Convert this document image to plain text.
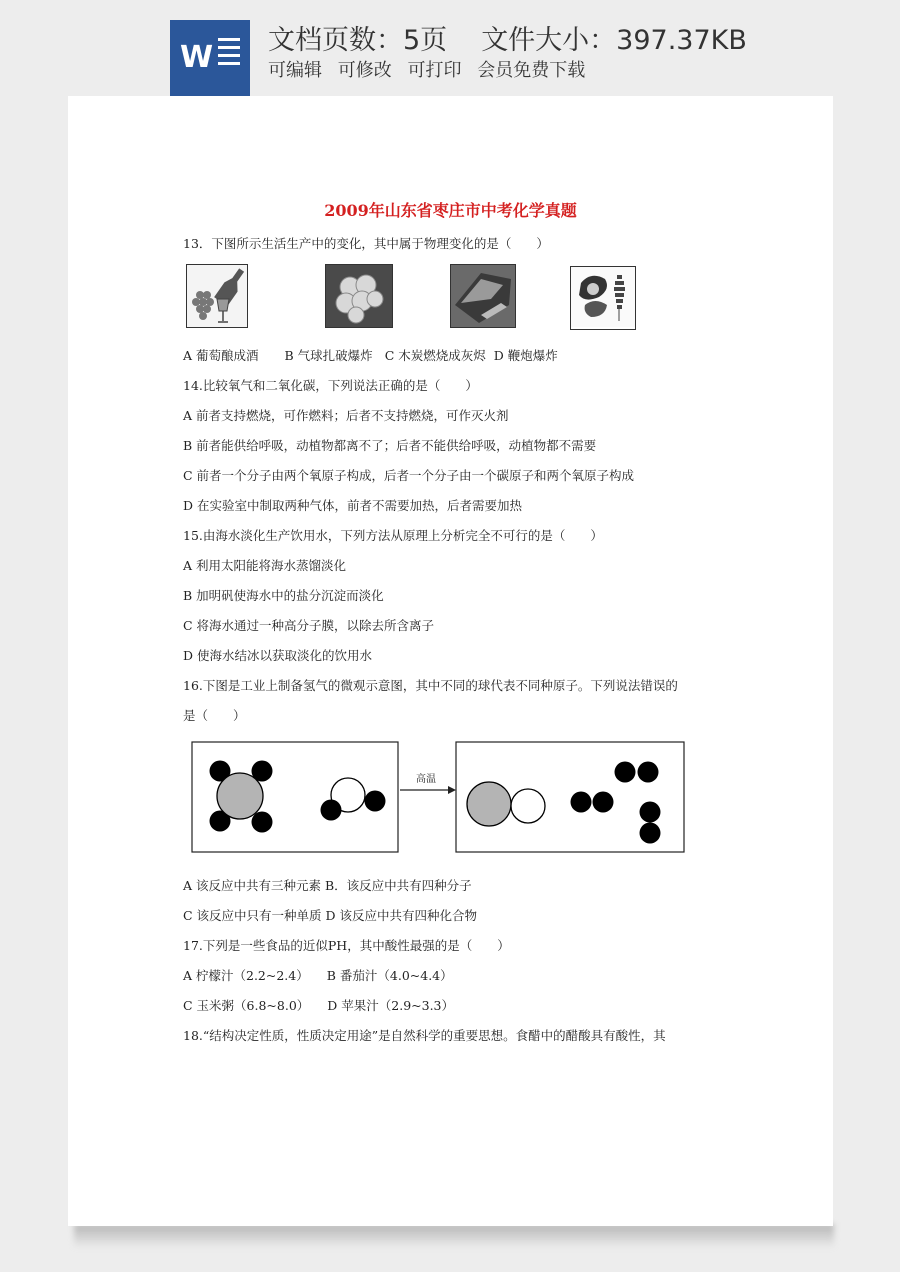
W 文档页数：5页 文件大小：397.37KB
可编辑 可修改 可打印 会员免费下载
2009年山东省枣庄市中考化学真题
13．下图所示生活生产中的变化，其中属于物理变化的是（　　）
A 葡萄酿成酒 B 气球扎破爆炸 C 木炭燃烧成灰烬 D 鞭炮爆炸
14.比较氧气和二氧化碳，下列说法正确的是（　　）
A 前者支持燃烧，可作燃料；后者不支持燃烧，可作灭火剂
B 前者能供给呼吸，动植物都离不了；后者不能供给呼吸，动植物都不需要
C 前者一个分子由两个氧原子构成，后者一个分子由一个碳原子和两个氧原子构成
D 在实验室中制取两种气体，前者不需要加热，后者需要加热
15.由海水淡化生产饮用水，下列方法从原理上分析完全不可行的是（　　）
A 利用太阳能将海水蒸馏淡化
B 加明矾使海水中的盐分沉淀而淡化
C 将海水通过一种高分子膜，以除去所含离子
D 使海水结冰以获取淡化的饮用水
16.下图是工业上制备氢气的微观示意图，其中不同的球代表不同种原子。下列说法错误的
是（　　）
高温
A 该反应中共有三种元素 B．该反应中共有四种分子
C 该反应中只有一种单质 D 该反应中共有四种化合物
17.下列是一些食品的近似PH，其中酸性最强的是（　　）
A 柠檬汁（2.2~2.4） B 番茄汁（4.0~4.4）
C 玉米粥（6.8~8.0） D 苹果汁（2.9~3.3）
18.“结构决定性质，性质决定用途”是自然科学的重要思想。食醋中的醋酸具有酸性，其
